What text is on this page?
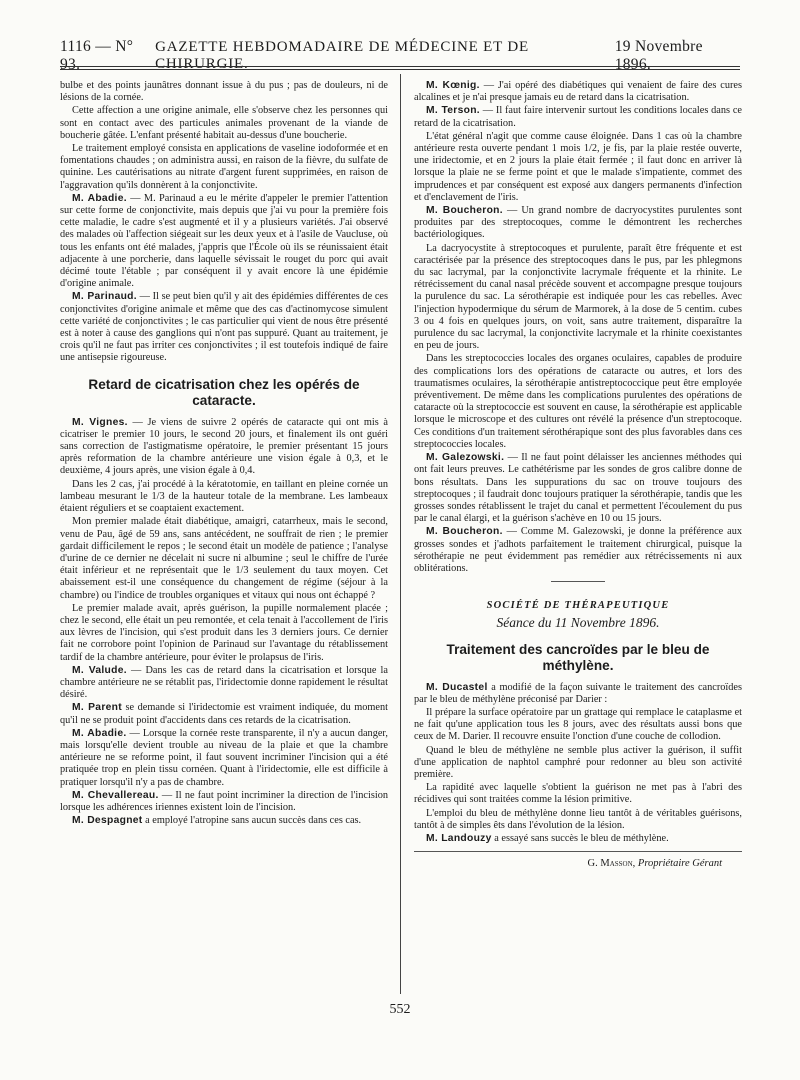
1116 — N° 93.
GAZETTE HEBDOMADAIRE DE MÉDECINE ET DE CHIRURGIE.
19 Novembre 1896.

bulbe et des points jaunâtres donnant issue à du pus ; pas de douleurs, ni de lésions de la cornée.

Cette affection a une origine animale, elle s'observe chez les personnes qui sont en contact avec des particules animales provenant de la viande de boucherie gâtée. L'enfant présenté habitait au-dessus d'une boucherie.

Le traitement employé consista en applications de vaseline iodoformée et en fomentations chaudes ; on administra aussi, en raison de la fièvre, du sulfate de quinine. Les cautérisations au nitrate d'argent furent supprimées, en raison de l'aggravation qu'ils donnèrent à la conjonctivite.

M. Abadie. — M. Parinaud a eu le mérite d'appeler le premier l'attention sur cette forme de conjonctivite, mais depuis que j'ai vu pour la première fois cette maladie, le cadre s'est augmenté et il y a plusieurs variétés. J'ai observé des malades où l'affection siégeait sur les deux yeux et à l'asile de Vaucluse, où tous les enfants ont été malades, j'appris que l'École où ils se réunissaient était adjacente à une porcherie, dans laquelle sévissait le rouget du porc qui avait décimé toute l'étable ; par conséquent il y avait encore là une épidémie d'origine animale.

M. Parinaud. — Il se peut bien qu'il y ait des épidémies différentes de ces conjonctivites d'origine animale et même que des cas d'actinomycose simulent cette variété de conjonctivites ; le cas particulier qui vient de nous être présenté est à noter à cause des ganglions qui n'ont pas suppuré. Quant au traitement, je crois qu'il ne faut pas irriter ces conjonctivites ; il est toutefois indiqué de faire une antisepsie rigoureuse.

Retard de cicatrisation chez les opérés de cataracte.

M. Vignes. — Je viens de suivre 2 opérés de cataracte qui ont mis à cicatriser le premier 10 jours, le second 20 jours, et finalement ils ont guéri sans correction de l'astigmatisme opératoire, le premier présentant 15 jours après reformation de la chambre antérieure une vision égale à 0,3, et le deuxième, 4 jours après, une vision égale à 0,4.

Dans les 2 cas, j'ai procédé à la kératotomie, en taillant en pleine cornée un lambeau mesurant le 1/3 de la hauteur totale de la membrane. Les lambeaux étaient réguliers et se coaptaient exactement.

Mon premier malade était diabétique, amaigri, catarrheux, mais le second, venu de Pau, âgé de 59 ans, sans antécédent, ne souffrait de rien ; le premier gardait difficilement le repos ; le second était un modèle de patience ; l'analyse d'urine de ce dernier ne décelait ni sucre ni albumine ; seul le chiffre de l'urée était inférieur et ne représentait que le 1/3 seulement du taux moyen. Cet abaissement est-il une conséquence du changement de régime (séjour à la chambre) ou l'indice de troubles organiques et vitaux qui nous ont échappé ?

Le premier malade avait, après guérison, la pupille normalement placée ; chez le second, elle était un peu remontée, et cela tenait à l'accollement de l'iris aux lèvres de l'incision, qui s'est produit dans les 3 derniers jours. Ce dernier fait ne corrobore point l'opinion de Parinaud sur l'avantage du rétablissement tardif de la chambre antérieure, pour éviter le prolapsus de l'iris.

M. Valude. — Dans les cas de retard dans la cicatrisation et lorsque la chambre antérieure ne se rétablit pas, l'iridectomie donne rapidement le résultat désiré.

M. Parent se demande si l'iridectomie est vraiment indiquée, du moment qu'il ne se produit point d'accidents dans ces retards de la cicatrisation.

M. Abadie. — Lorsque la cornée reste transparente, il n'y a aucun danger, mais lorsqu'elle devient trouble au niveau de la plaie et que la chambre antérieure ne se reforme point, il faut souvent incriminer l'incision qui a été pratiquée trop en plein tissu cornéen. Quant à l'iridectomie, elle est difficile à pratiquer lorsqu'il n'y a pas de chambre.

M. Chevallereau. — Il ne faut point incriminer la direction de l'incision lorsque les adhérences iriennes existent loin de l'incision.

M. Despagnet a employé l'atropine sans aucun succès dans ces cas.

M. Kœnig. — J'ai opéré des diabétiques qui venaient de faire des cures alcalines et je n'ai presque jamais eu de retard dans la cicatrisation.

M. Terson. — Il faut faire intervenir surtout les conditions locales dans ce retard de la cicatrisation.

L'état général n'agit que comme cause éloignée. Dans 1 cas où la chambre antérieure resta ouverte pendant 1 mois 1/2, je fis, par la plaie restée ouverte, une iridectomie, et en 2 jours la plaie était fermée ; il faut donc en arriver là lorsque la plaie ne se ferme point et que le malade s'impatiente, commet des imprudences et par conséquent est exposé aux dangers permanents d'infection et d'enclavement de l'iris.

M. Boucheron. — Un grand nombre de dacryocystites purulentes sont produites par des streptocoques, comme le démontrent les recherches bactériologiques.

La dacryocystite à streptocoques et purulente, paraît être fréquente et est caractérisée par la présence des streptocoques dans le pus, par les phlegmons du sac lacrymal, par la conjonctivite lacrymale fréquente et la rhinite. Le rétrécissement du canal nasal précède souvent et accompagne presque toujours la purulence du sac. La sérothérapie est indiquée pour les cas rebelles. Avec l'injection hypodermique du sérum de Marmorek, à la dose de 5 centim. cubes 3 ou 4 fois en quelques jours, on voit, sans autre traitement, disparaître la purulence du sac lacrymal, la conjonctivite lacrymale et la rhinite coexistantes en peu de jours.

Dans les streptococcies locales des organes oculaires, capables de produire des complications lors des opérations de cataracte ou autres, et lors des traumatismes oculaires, la sérothérapie antistreptococcique peut être employée préventivement. De même dans les complications purulentes des opérations de cataracte où la streptococcie est souvent en cause, la sérothérapie est applicable lorsque le microscope et des cultures ont révélé la présence d'un streptocoque. Ces conditions d'un traitement sérothérapique sont des plus favorables dans ces streptococcies locales.

M. Galezowski. — Il ne faut point délaisser les anciennes méthodes qui ont fait leurs preuves. Le cathétérisme par les sondes de gros calibre donne de bons résultats. Dans les suppurations du sac on trouve toujours des streptocoques ; il faudrait donc toujours pratiquer la sérothérapie, tandis que les grosses sondes rétablissent le trajet du canal et permettent l'écoulement du pus par le canal élargi, et la guérison s'achève en 10 ou 15 jours.

M. Boucheron. — Comme M. Galezowski, je donne la préférence aux grosses sondes et j'adhots parfaitement le traitement chirurgical, puisque la sérothérapie ne peut évidemment pas remédier aux rétrécissements ni aux oblitérations.

SOCIÉTÉ DE THÉRAPEUTIQUE

Séance du 11 Novembre 1896.

Traitement des cancroïdes par le bleu de méthylène.

M. Ducastel a modifié de la façon suivante le traitement des cancroïdes par le bleu de méthylène préconisé par Darier :

Il prépare la surface opératoire par un grattage qui remplace le cataplasme et ne fait qu'une application tous les 8 jours, avec des résultats aussi bons que ceux de M. Darier. Il recouvre ensuite l'onction d'une couche de collodion.

Quand le bleu de méthylène ne semble plus activer la guérison, il suffit d'une application de naphtol camphré pour redonner au bleu son activité première.

La rapidité avec laquelle s'obtient la guérison ne met pas à l'abri des récidives qui sont traitées comme la lésion primitive.

L'emploi du bleu de méthylène donne lieu tantôt à de véritables guérisons, tantôt à de simples êts dans l'évolution de la lésion.

M. Landouzy a essayé sans succès le bleu de méthylène.

G. Masson, Propriétaire Gérant

552
